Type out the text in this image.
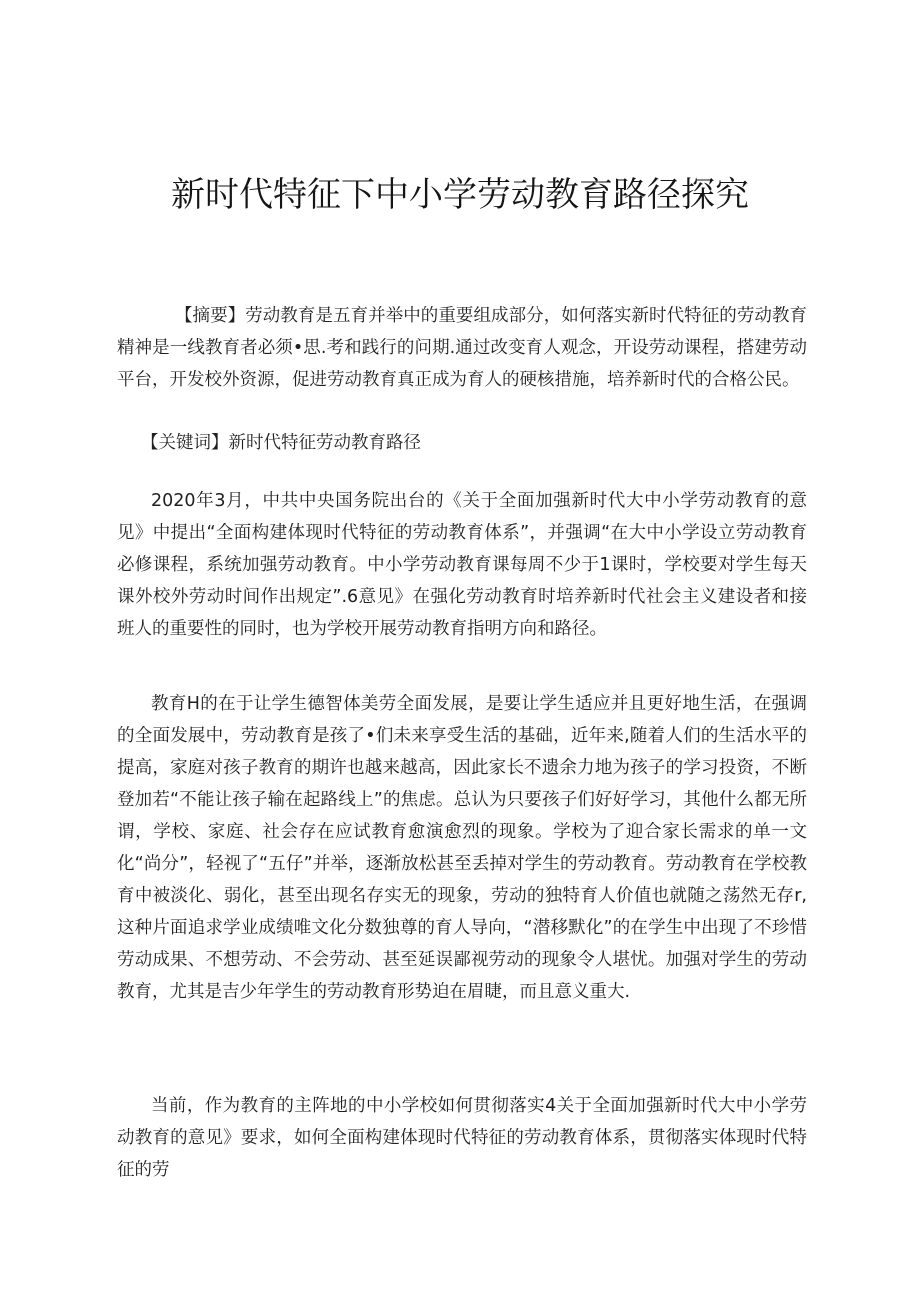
新时代特征下中小学劳动教育路径探究

【摘要】劳动教育是五育并举中的重要组成部分，如何落实新时代特征的劳动教育精神是一线教育者必须•思.考和践行的问期.通过改变育人观念，开设劳动课程，搭建劳动平台，开发校外资源，促进劳动教育真正成为育人的硬核措施，培养新时代的合格公民。

【关键词】新时代特征劳动教育路径

2020年3月，中共中央国务院出台的《关于全面加强新时代大中小学劳动教育的意见》中提出“全面构建体现时代特征的劳动教育体系”，并强调“在大中小学设立劳动教育必修课程，系统加强劳动教育。中小学劳动教育课每周不少于1课时，学校要对学生每天课外校外劳动时间作出规定”.6意见》在强化劳动教育时培养新时代社会主义建设者和接班人的重要性的同时，也为学校开展劳动教育指明方向和路径。

教育H的在于让学生德智体美劳全面发展，是要让学生适应并且更好地生活，在强调的全面发展中，劳动教育是孩了•们未来享受生活的基础，近年来,随着人们的生活水平的提高，家庭对孩子教育的期许也越来越高，因此家长不遗余力地为孩子的学习投资，不断登加若“不能让孩子输在起路线上”的焦虑。总认为只要孩子们好好学习，其他什么都无所谓，学校、家庭、社会存在应试教育愈演愈烈的现象。学校为了迎合家长需求的单一文化“尚分”，轻视了“五仔”并举，逐渐放松甚至丢掉对学生的劳动教育。劳动教育在学校教育中被淡化、弱化，甚至出现名存实无的现象，劳动的独特育人价值也就随之荡然无存r,这种片面追求学业成绩唯文化分数独尊的育人导向，“潜移默化”的在学生中出现了不珍惜劳动成果、不想劳动、不会劳动、甚至延误鄙视劳动的现象令人堪忧。加强对学生的劳动教育，尤其是吉少年学生的劳动教育形势迫在眉睫，而且意义重大.

当前，作为教育的主阵地的中小学校如何贯彻落实4关于全面加强新时代大中小学劳动教育的意见》要求，如何全面构建体现时代特征的劳动教育体系，贯彻落实体现时代特征的劳
